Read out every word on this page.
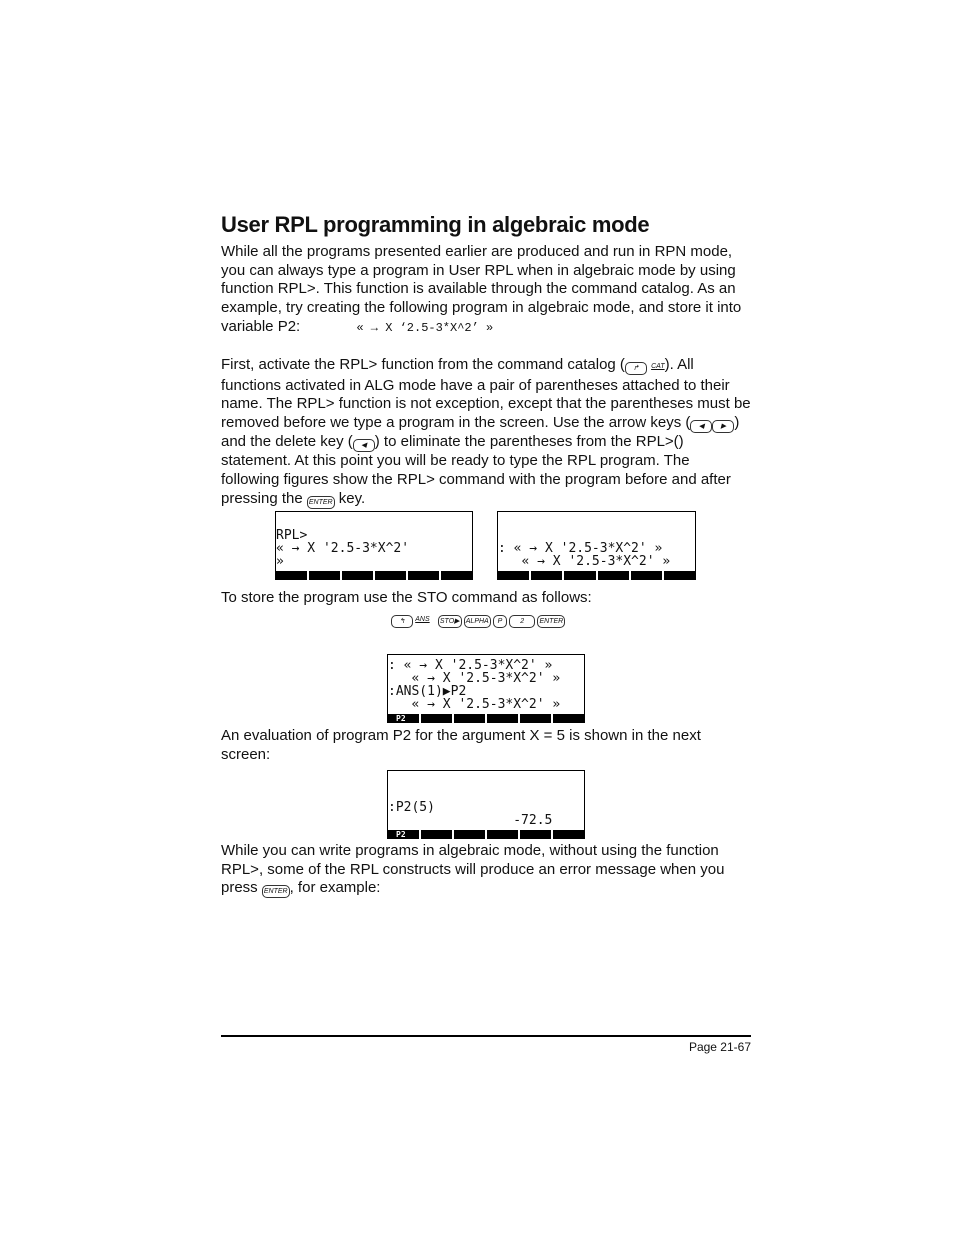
User RPL programming in algebraic mode

While all the programs presented earlier are produced and run in RPN mode, you can always type a program in User RPL when in algebraic mode by using function RPL>. This function is available through the command catalog. As an example, try creating the following program in algebraic mode, and store it into variable P2:	« → X ‘2.5-3*X^2’ »

First, activate the RPL> function from the command catalog ( ↱ CAT). All functions activated in ALG mode have a pair of parentheses attached to their name. The RPL> function is not exception, except that the parentheses must be removed before we type a program in the screen. Use the arrow keys ( ◀ ▶ ) and the delete key ( ◀ ) to eliminate the parentheses from the RPL>() statement. At this point you will be ready to type the RPL program. The following figures show the RPL> command with the program before and after pressing the ENTER key.

RPL>
« → X '2.5-3*X^2'
»
: « → X '2.5-3*X^2' »
« → X '2.5-3*X^2' »

To store the program use the STO command as follows:

↰ ANS STO▶ ALPHA P	2 ENTER
: « → X '2.5-3*X^2' »
« → X '2.5-3*X^2' »
:ANS(1)▶P2
« → X '2.5-3*X^2' »
P2

An evaluation of program P2 for the argument X = 5 is shown in the next screen:

:P2(5)
-72.5
P2

While you can write programs in algebraic mode, without using the function RPL>, some of the RPL constructs will produce an error message when you press ENTER , for example:

Page 21-67
